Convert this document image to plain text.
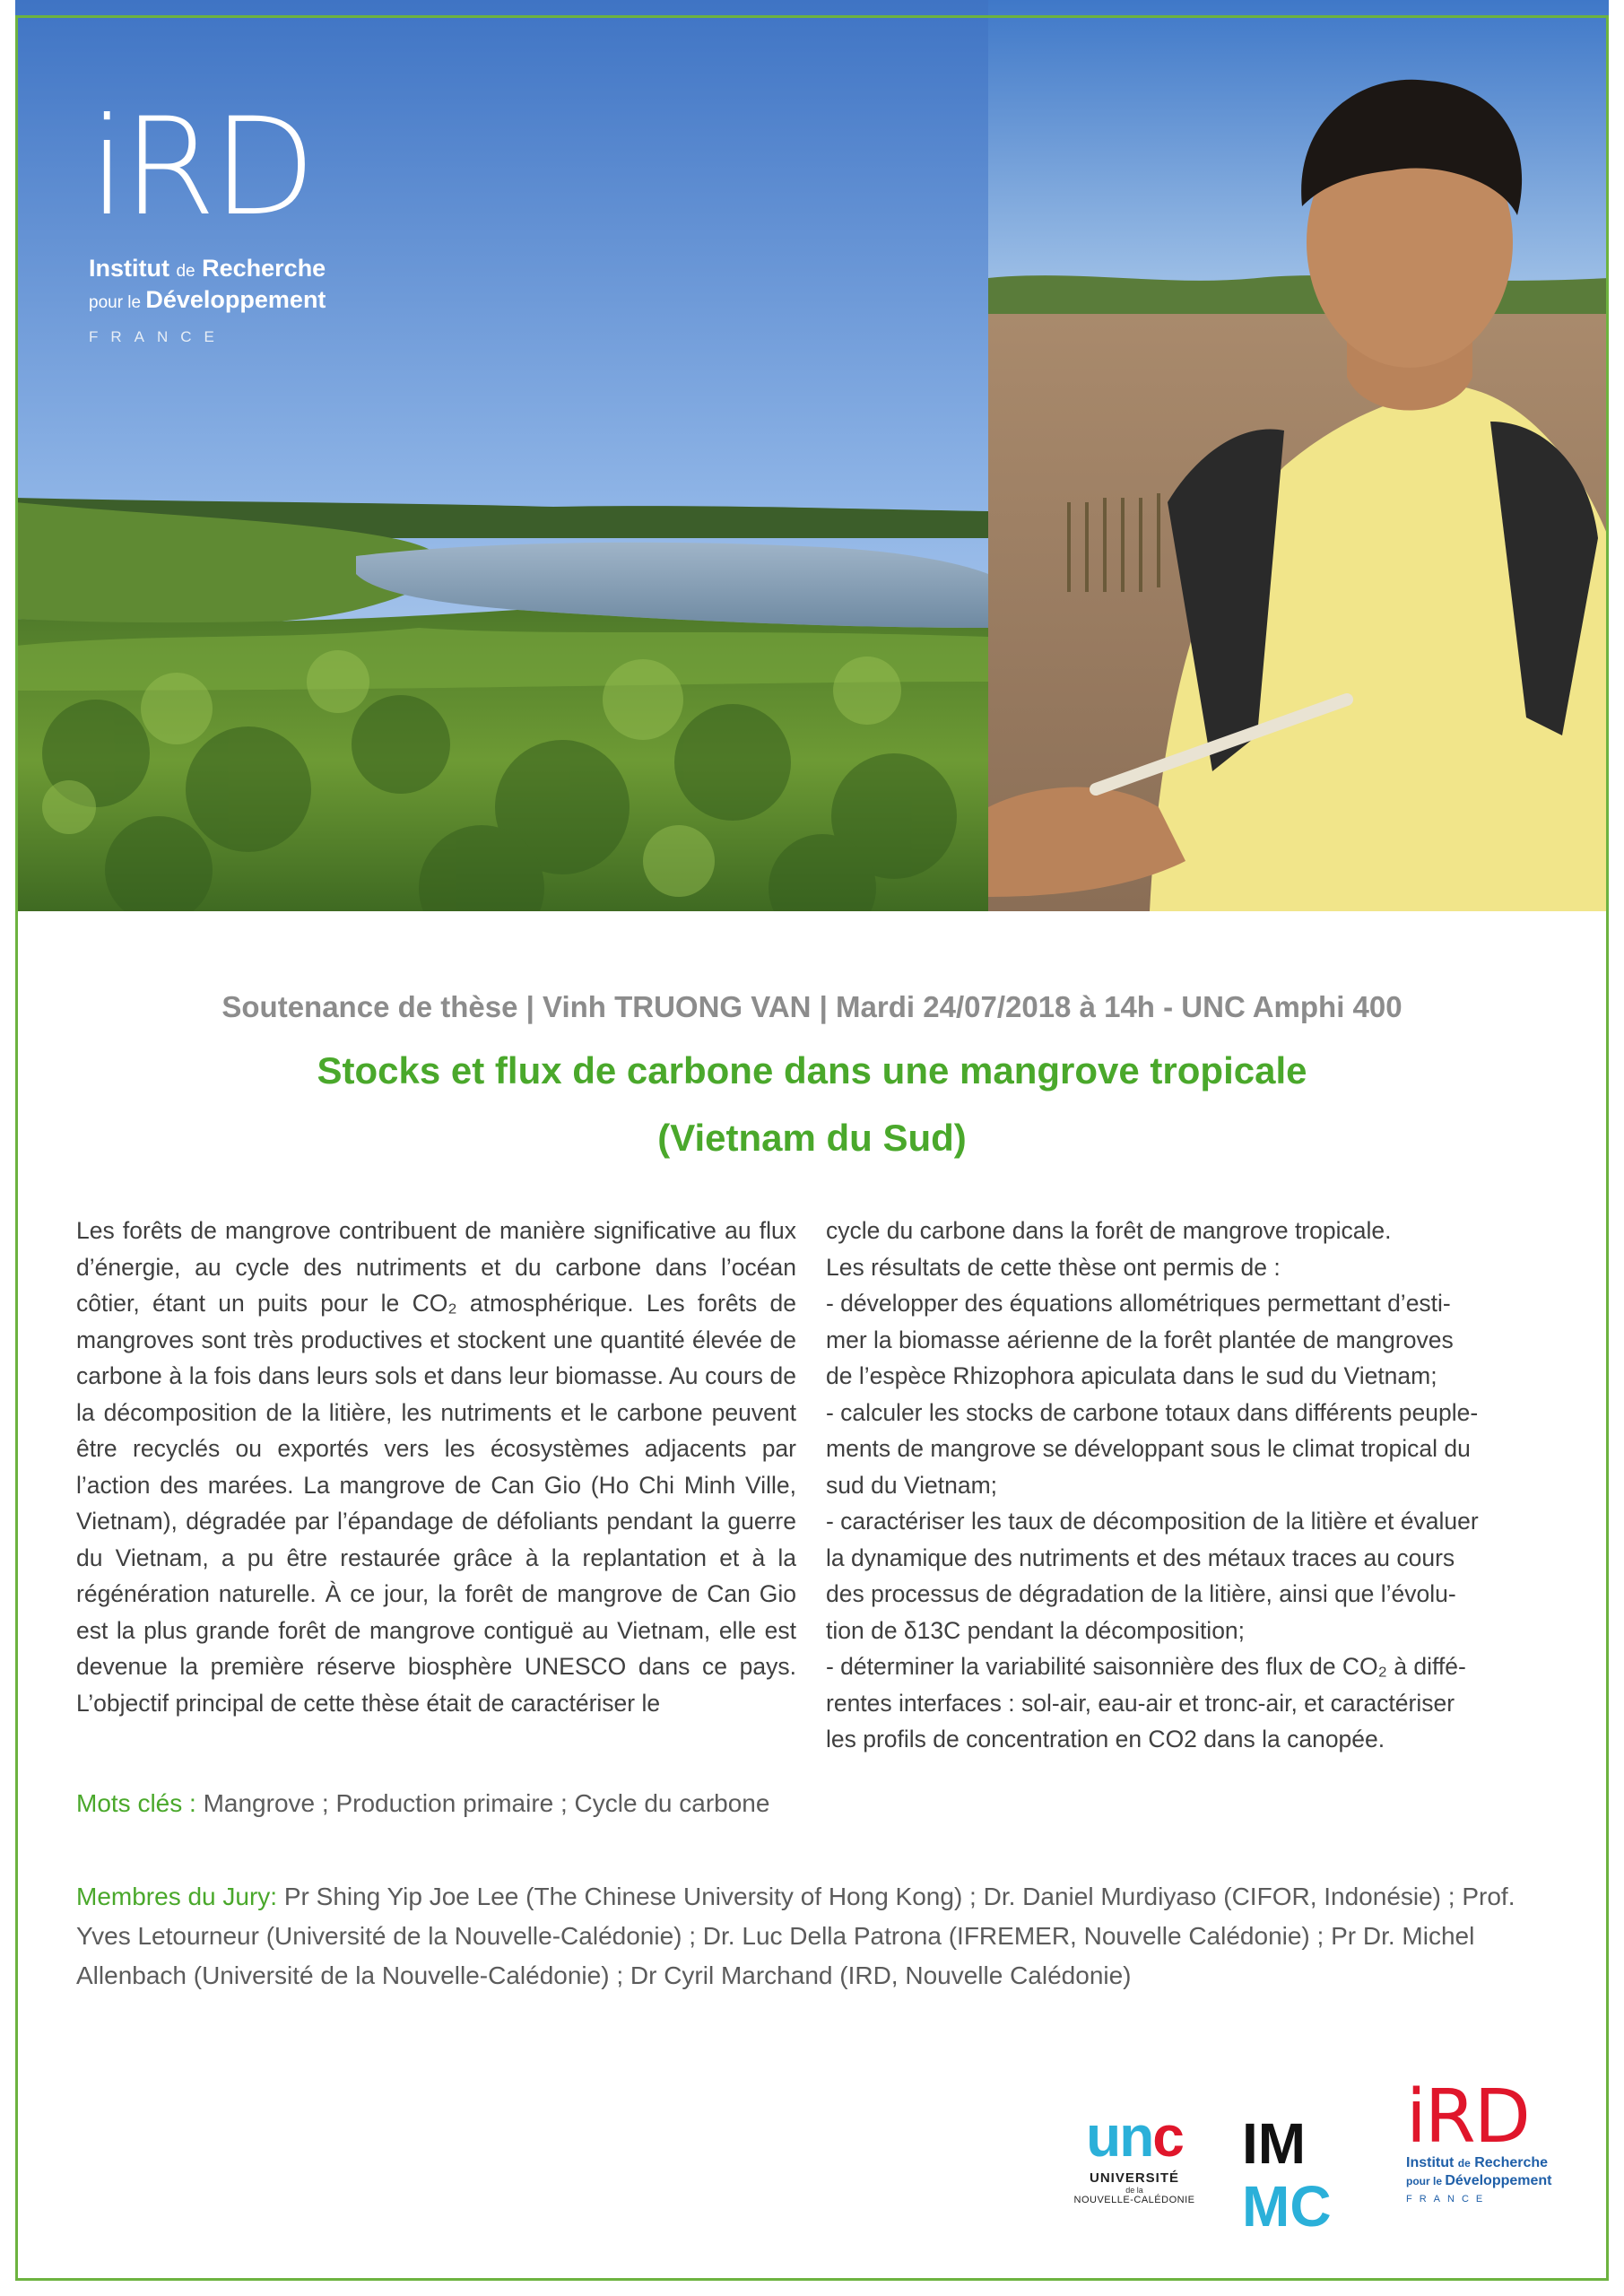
iRD
Institut de Recherche
pour le Développement
FRANCE
Soutenance de thèse | Vinh TRUONG VAN | Mardi 24/07/2018 à 14h - UNC Amphi 400
Stocks et flux de carbone dans une mangrove tropicale
(Vietnam du Sud)

Les forêts de mangrove contribuent de manière significative au flux d’énergie, au cycle des nutriments et du carbone dans l’océan côtier, étant un puits pour le CO₂ atmosphérique. Les forêts de mangroves sont très productives et stockent une quantité élevée de carbone à la fois dans leurs sols et dans leur biomasse. Au cours de la décomposition de la litière, les nutriments et le carbone peuvent être recyclés ou exportés vers les écosystèmes adjacents par l’action des marées. La mangrove de Can Gio (Ho Chi Minh Ville, Vietnam), dégradée par l’épandage de défoliants pendant la guerre du Vietnam, a pu être restaurée grâce à la replantation et à la régénération naturelle. À ce jour, la forêt de mangrove de Can Gio est la plus grande forêt de mangrove contiguë au Vietnam, elle est devenue la première réserve biosphère UNESCO dans ce pays. L’objectif principal de cette thèse était de caractériser le

cycle du carbone dans la forêt de mangrove tropicale.
Les résultats de cette thèse ont permis de :
- développer des équations allométriques permettant d’esti-
mer la biomasse aérienne de la forêt plantée de mangroves
de l’espèce Rhizophora apiculata dans le sud du Vietnam;
- calculer les stocks de carbone totaux dans différents peuple-
ments de mangrove se développant sous le climat tropical du
sud du Vietnam;
- caractériser les taux de décomposition de la litière et évaluer
la dynamique des nutriments et des métaux traces au cours
des processus de dégradation de la litière, ainsi que l’évolu-
tion de δ13C pendant la décomposition;
- déterminer la variabilité saisonnière des flux de CO₂ à diffé-
rentes interfaces : sol-air, eau-air et tronc-air, et caractériser
les profils de concentration en CO2 dans la canopée.
Mots clés : Mangrove ; Production primaire ; Cycle du carbone
Membres du Jury: Pr Shing Yip Joe Lee (The Chinese University of Hong Kong) ; Dr. Daniel Murdiyaso (CIFOR, Indonésie) ; Prof. Yves Letourneur (Université de la Nouvelle-Calédonie) ; Dr. Luc Della Patrona (IFREMER, Nouvelle Calédonie) ; Pr Dr. Michel Allenbach (Université de la Nouvelle-Calédonie) ; Dr Cyril Marchand (IRD, Nouvelle Calédonie)
unc
UNIVERSITÉ
de la
NOUVELLE-CALÉDONIE
IM
MC
iRD
Institut de Recherche
pour le Développement
FRANCE
